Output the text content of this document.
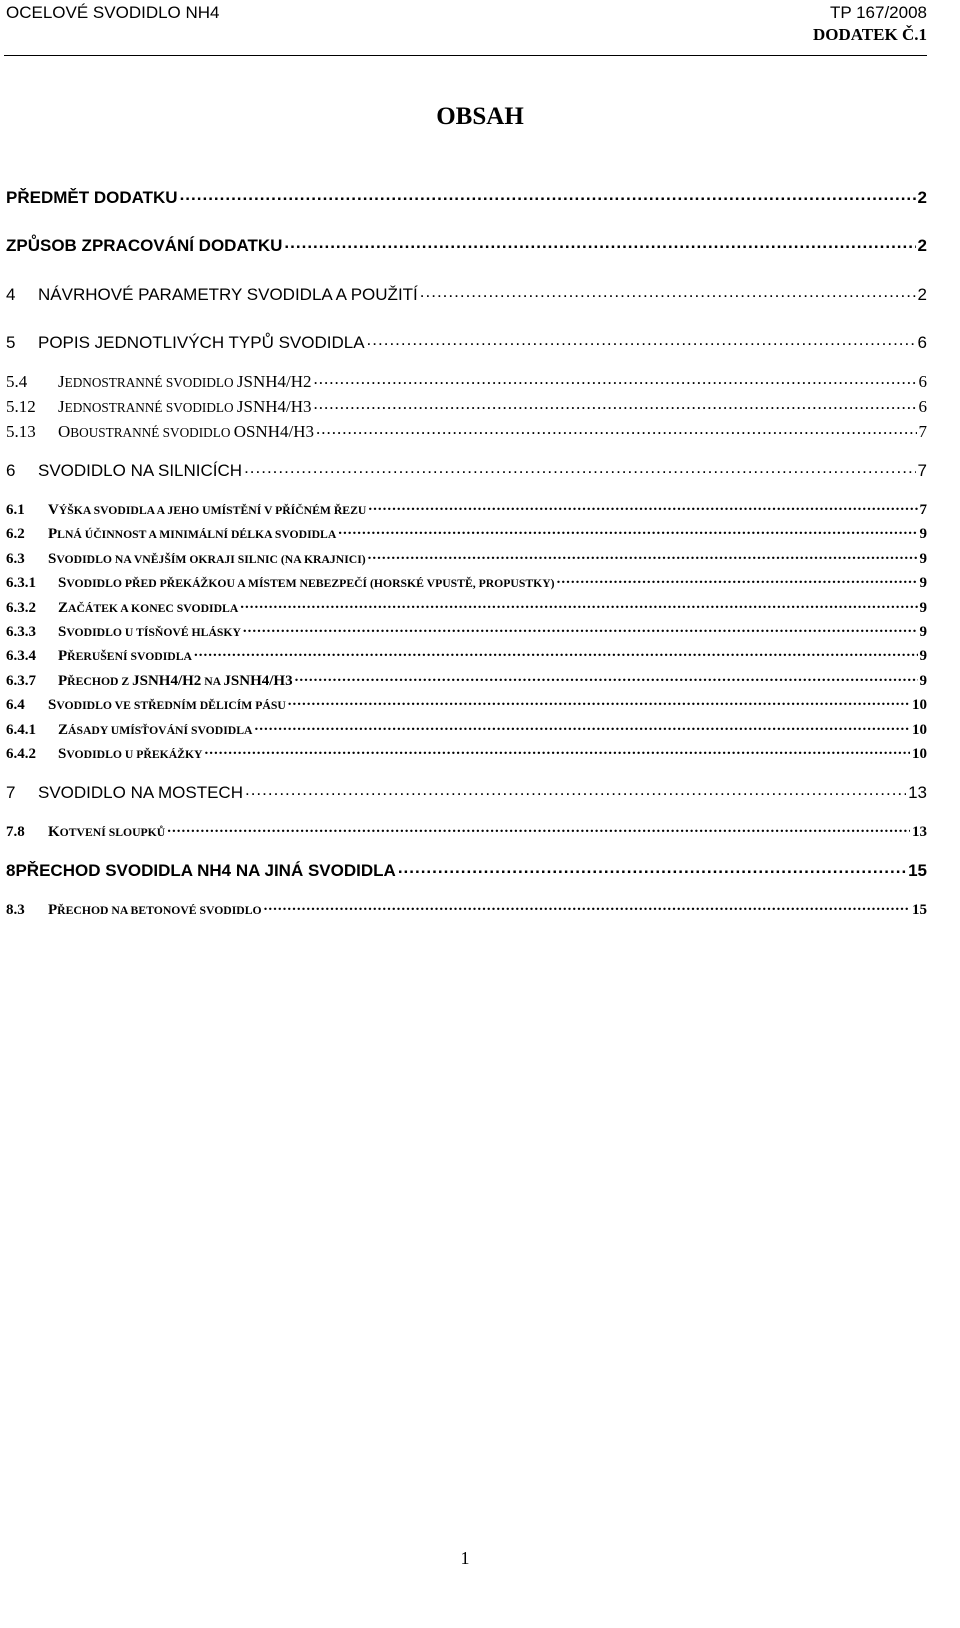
OCELOVÉ SVODIDLO NH4	TP 167/2008
DODATEK Č.1
OBSAH
PŘEDMĚT DODATKU .....	2
ZPŮSOB ZPRACOVÁNÍ DODATKU .....	2
4 NÁVRHOVÉ PARAMETRY SVODIDLA A POUŽITÍ .....	2
5 POPIS JEDNOTLIVÝCH TYPŮ SVODIDLA .....	6
5.4 JEDNOSTRANNÉ SVODIDLO JSNH4/H2 .....	6
5.12 JEDNOSTRANNÉ SVODIDLO JSNH4/H3 .....	6
5.13 OBOUSTRANNÉ SVODIDLO OSNH4/H3 .....	7
6 SVODIDLO NA SILNICÍCH .....	7
6.1 VÝŠKA SVODIDLA A JEHO UMÍSTĚNÍ V PŘÍČNÉM ŘEZU .....	7
6.2 PLNÁ ÚČINNOST A MINIMÁLNÍ DÉLKA SVODIDLA .....	9
6.3 SVODIDLO NA VNĚJŠÍM OKRAJI SILNIC (NA KRAJNICI) .....	9
6.3.1 SVODIDLO PŘED PŘEKÁŽKOU A MÍSTEM NEBEZPEČÍ (HORSKÉ VPUSTĚ, PROPUSTKY) .....	9
6.3.2 ZAČÁTEK A KONEC SVODIDLA .....	9
6.3.3 SVODIDLO U TÍSŇOVÉ HLÁSKY .....	9
6.3.4 PŘERUŠENÍ SVODIDLA .....	9
6.3.7 PŘECHOD Z JSNH4/H2 NA JSNH4/H3 .....	9
6.4 SVODIDLO VE STŘEDNÍM DĚLICÍM PÁSU .....	10
6.4.1 ZÁSADY UMÍSŤOVÁNÍ SVODIDLA .....	10
6.4.2 SVODIDLO U PŘEKÁŽKY .....	10
7 SVODIDLO NA MOSTECH .....	13
7.8 KOTVENÍ SLOUPKŮ .....	13
8PŘECHOD SVODIDLA NH4 NA JINÁ SVODIDLA .....	15
8.3 PŘECHOD NA BETONOVÉ SVODIDLO .....	15
1
